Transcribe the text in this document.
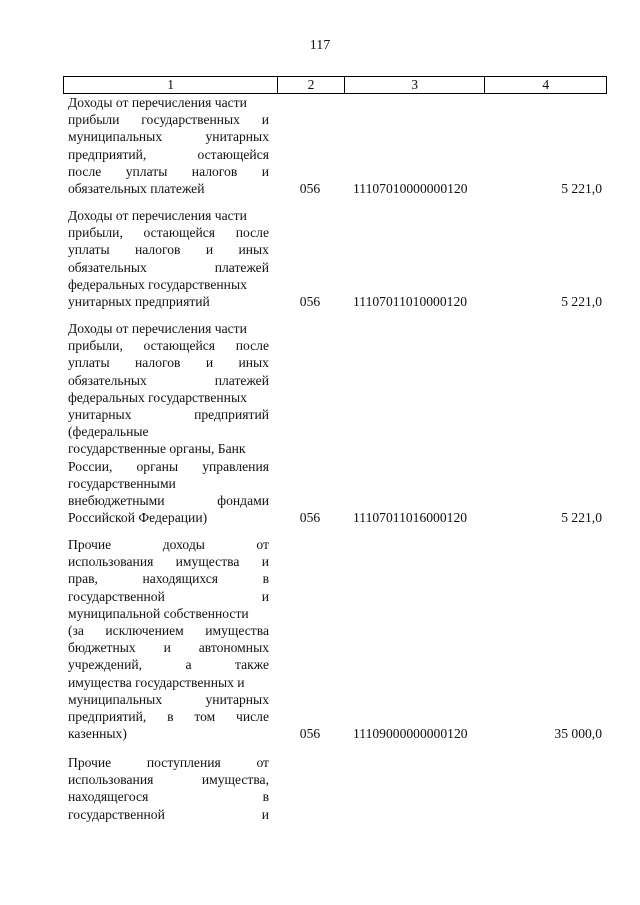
117
1	2	3	4
Доходы от перечисления части
прибыли государственных и
муниципальных	унитарных
предприятий,	остающейся
после уплаты налогов и
обязательных платежей	056 11107010000000120	5 221,0
Доходы от перечисления части
прибыли, остающейся после
уплаты налогов и иных
обязательных	платежей
федеральных государственных
унитарных предприятий	056 11107011010000120	5 221,0
Доходы от перечисления части
прибыли, остающейся после
уплаты налогов и иных
обязательных	платежей
федеральных государственных
унитарных	предприятий
(федеральные
государственные органы, Банк
России, органы управления
государственными
внебюджетными	фондами
Российской Федерации)	056 11107011016000120	5 221,0
Прочие	доходы	от
использования имущества и
прав,	находящихся	в
государственной	и
муниципальной собственности
(за исключением имущества
бюджетных и автономных
учреждений,	а	также
имущества государственных и
муниципальных	унитарных
предприятий, в том числе
казенных)	056 11109000000000120	35 000,0
Прочие	поступления	от
использования	имущества,
находящегося	в
государственной	и
